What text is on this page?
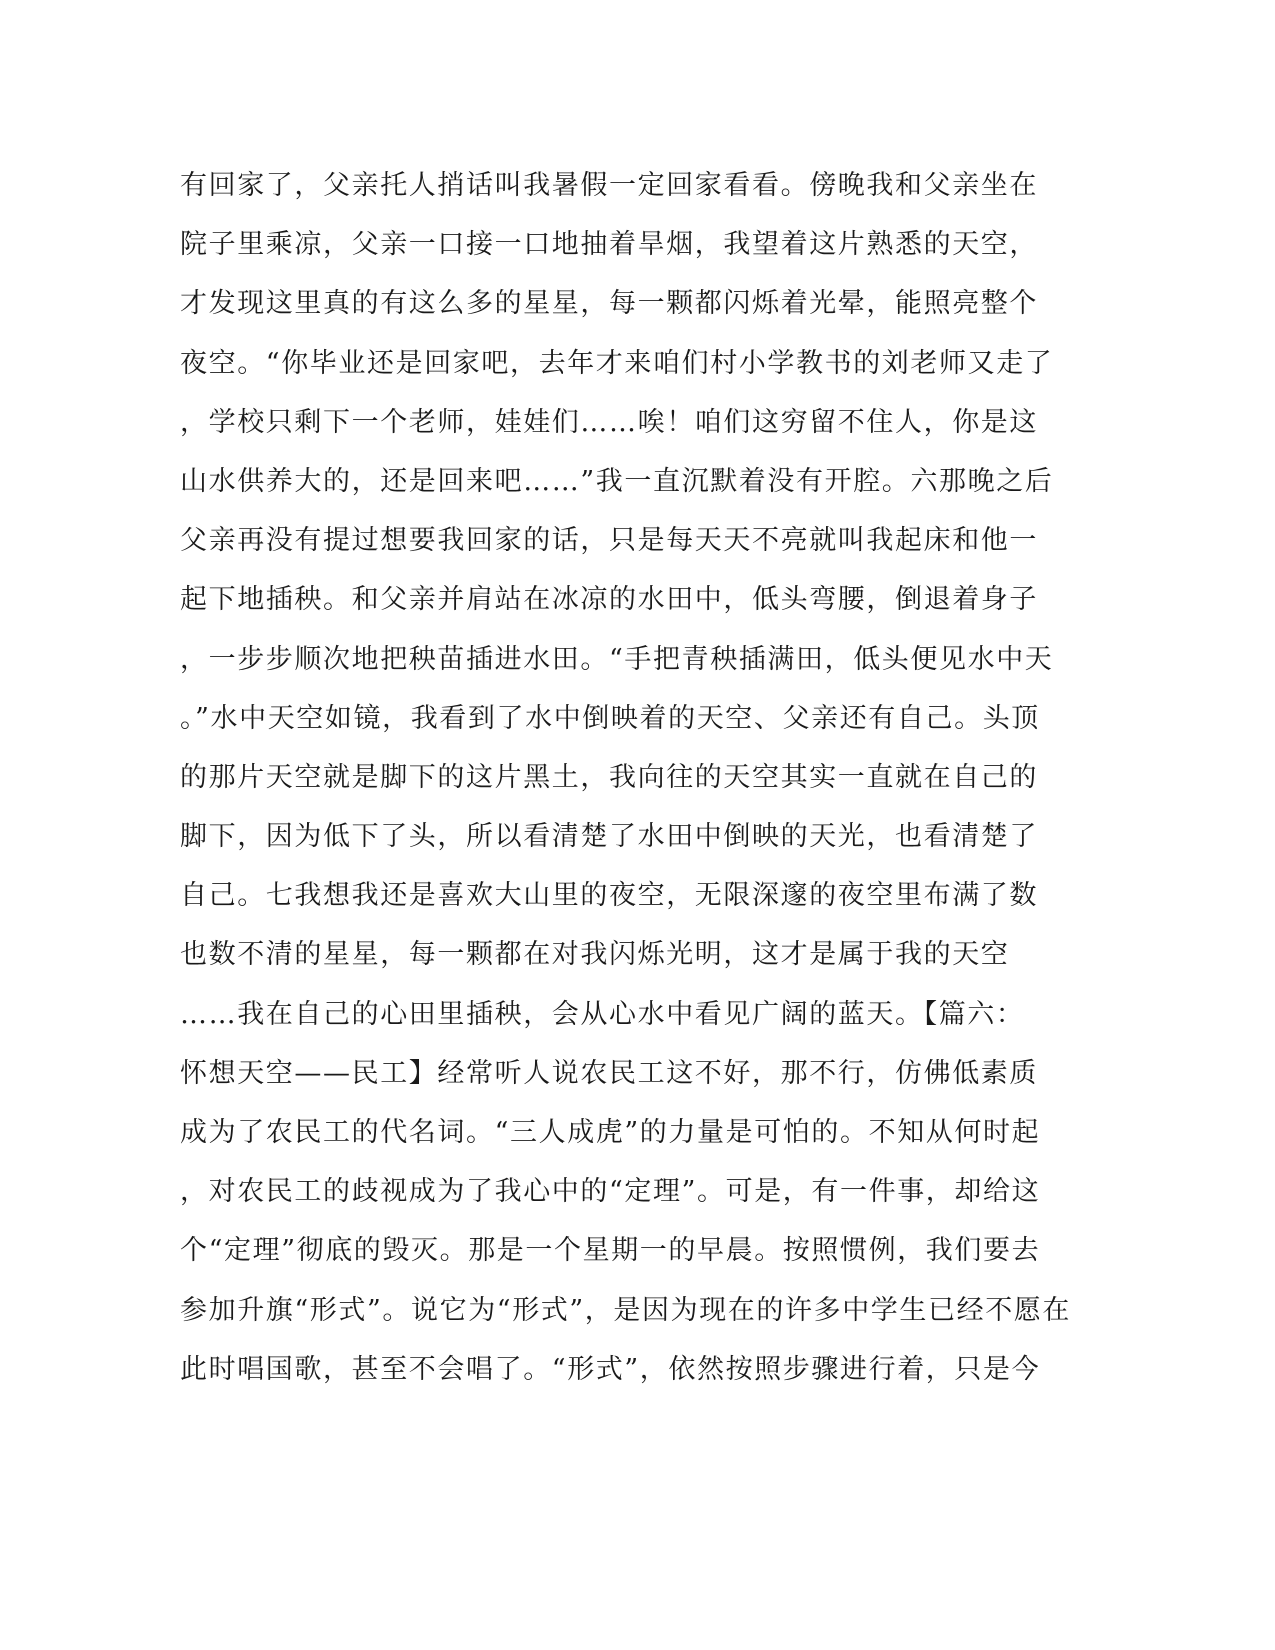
有回家了，父亲托人捎话叫我暑假一定回家看看。傍晚我和父亲坐在
院子里乘凉，父亲一口接一口地抽着旱烟，我望着这片熟悉的天空，
才发现这里真的有这么多的星星，每一颗都闪烁着光晕，能照亮整个
夜空。“你毕业还是回家吧，去年才来咱们村小学教书的刘老师又走了
，学校只剩下一个老师，娃娃们……唉！咱们这穷留不住人，你是这
山水供养大的，还是回来吧……”我一直沉默着没有开腔。六那晚之后
父亲再没有提过想要我回家的话，只是每天天不亮就叫我起床和他一
起下地插秧。和父亲并肩站在冰凉的水田中，低头弯腰，倒退着身子
，一步步顺次地把秧苗插进水田。“手把青秧插满田，低头便见水中天
。”水中天空如镜，我看到了水中倒映着的天空、父亲还有自己。头顶
的那片天空就是脚下的这片黑土，我向往的天空其实一直就在自己的
脚下，因为低下了头，所以看清楚了水田中倒映的天光，也看清楚了
自己。七我想我还是喜欢大山里的夜空，无限深邃的夜空里布满了数
也数不清的星星，每一颗都在对我闪烁光明，这才是属于我的天空
……我在自己的心田里插秧，会从心水中看见广阔的蓝天。【篇六：
怀想天空——民工】经常听人说农民工这不好，那不行，仿佛低素质
成为了农民工的代名词。“三人成虎”的力量是可怕的。不知从何时起
，对农民工的歧视成为了我心中的“定理”。可是，有一件事，却给这
个“定理”彻底的毁灭。那是一个星期一的早晨。按照惯例，我们要去
参加升旗“形式”。说它为“形式”，是因为现在的许多中学生已经不愿在
此时唱国歌，甚至不会唱了。“形式”，依然按照步骤进行着，只是今
